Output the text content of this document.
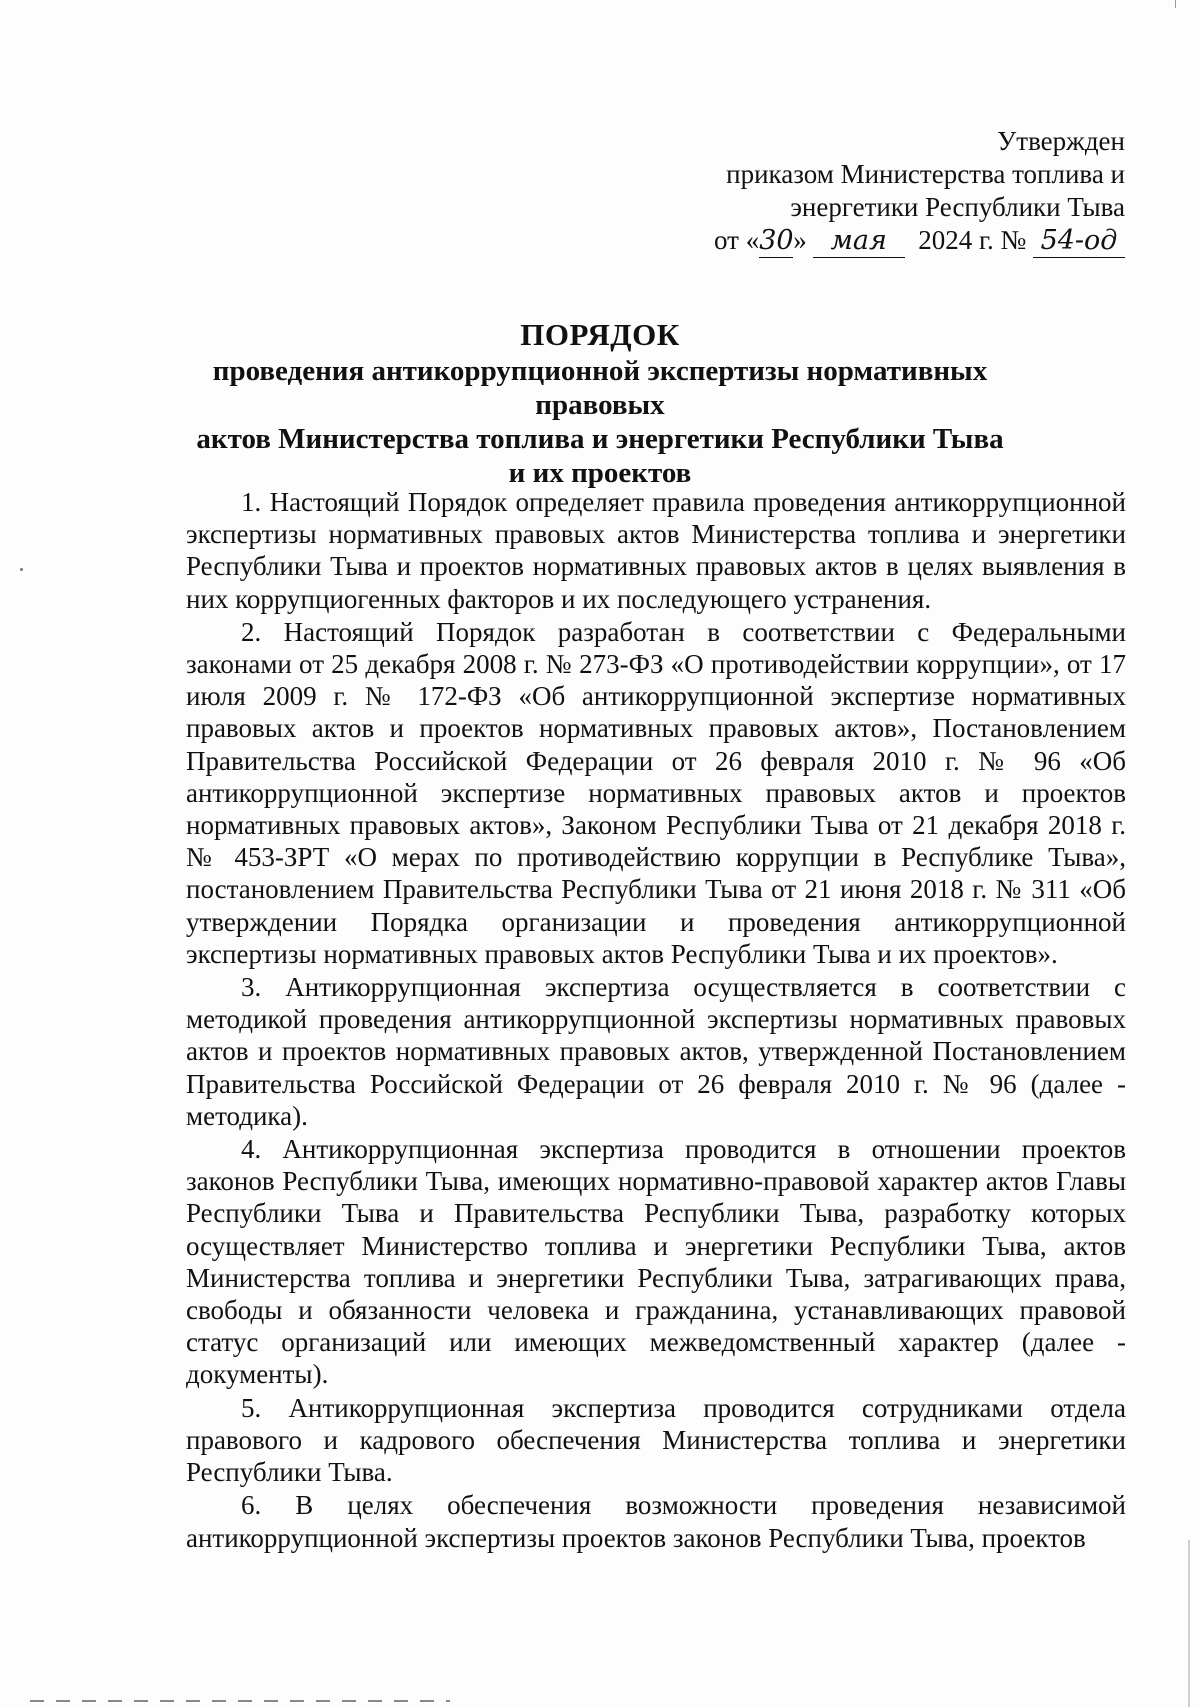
Утвержден
приказом Министерства топлива и
энергетики Республики Тыва
от «30» мая 2024 г. № 54-од
ПОРЯДОК
проведения антикоррупционной экспертизы нормативных правовых
актов Министерства топлива и энергетики Республики Тыва
и их проектов

1. Настоящий Порядок определяет правила проведения антикоррупционной экспертизы нормативных правовых актов Министерства топлива и энергетики Республики Тыва и проектов нормативных правовых актов в целях выявления в них коррупциогенных факторов и их последующего устранения.

2. Настоящий Порядок разработан в соответствии с Федеральными законами от 25 декабря 2008 г. № 273-ФЗ «О противодействии коррупции», от 17 июля 2009 г. № 172-ФЗ «Об антикоррупционной экспертизе нормативных правовых актов и проектов нормативных правовых актов», Постановлением Правительства Российской Федерации от 26 февраля 2010 г. № 96 «Об антикоррупционной экспертизе нормативных правовых актов и проектов нормативных правовых актов», Законом Республики Тыва от 21 декабря 2018 г. № 453-ЗРТ «О мерах по противодействию коррупции в Республике Тыва», постановлением Правительства Республики Тыва от 21 июня 2018 г. № 311 «Об утверждении Порядка организации и проведения антикоррупционной экспертизы нормативных правовых актов Республики Тыва и их проектов».

3. Антикоррупционная экспертиза осуществляется в соответствии с методикой проведения антикоррупционной экспертизы нормативных правовых актов и проектов нормативных правовых актов, утвержденной Постановлением Правительства Российской Федерации от 26 февраля 2010 г. № 96 (далее - методика).

4. Антикоррупционная экспертиза проводится в отношении проектов законов Республики Тыва, имеющих нормативно-правовой характер актов Главы Республики Тыва и Правительства Республики Тыва, разработку которых осуществляет Министерство топлива и энергетики Республики Тыва, актов Министерства топлива и энергетики Республики Тыва, затрагивающих права, свободы и обязанности человека и гражданина, устанавливающих правовой статус организаций или имеющих межведомственный характер (далее - документы).

5. Антикоррупционная экспертиза проводится сотрудниками отдела правового и кадрового обеспечения Министерства топлива и энергетики Республики Тыва.

6. В целях обеспечения возможности проведения независимой антикоррупционной экспертизы проектов законов Республики Тыва, проектов
